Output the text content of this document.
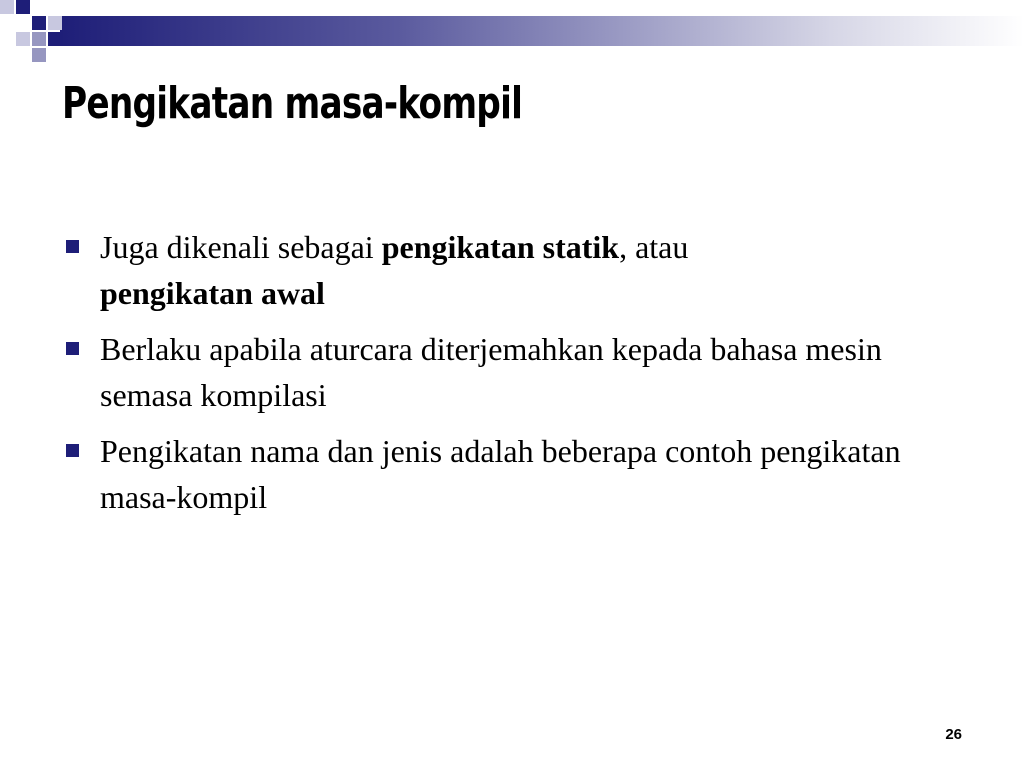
Pengikatan masa-kompil
Juga dikenali sebagai pengikatan statik, atau
pengikatan awal
Berlaku apabila aturcara diterjemahkan kepada bahasa mesin semasa kompilasi
Pengikatan nama dan jenis adalah beberapa contoh pengikatan masa-kompil
26
